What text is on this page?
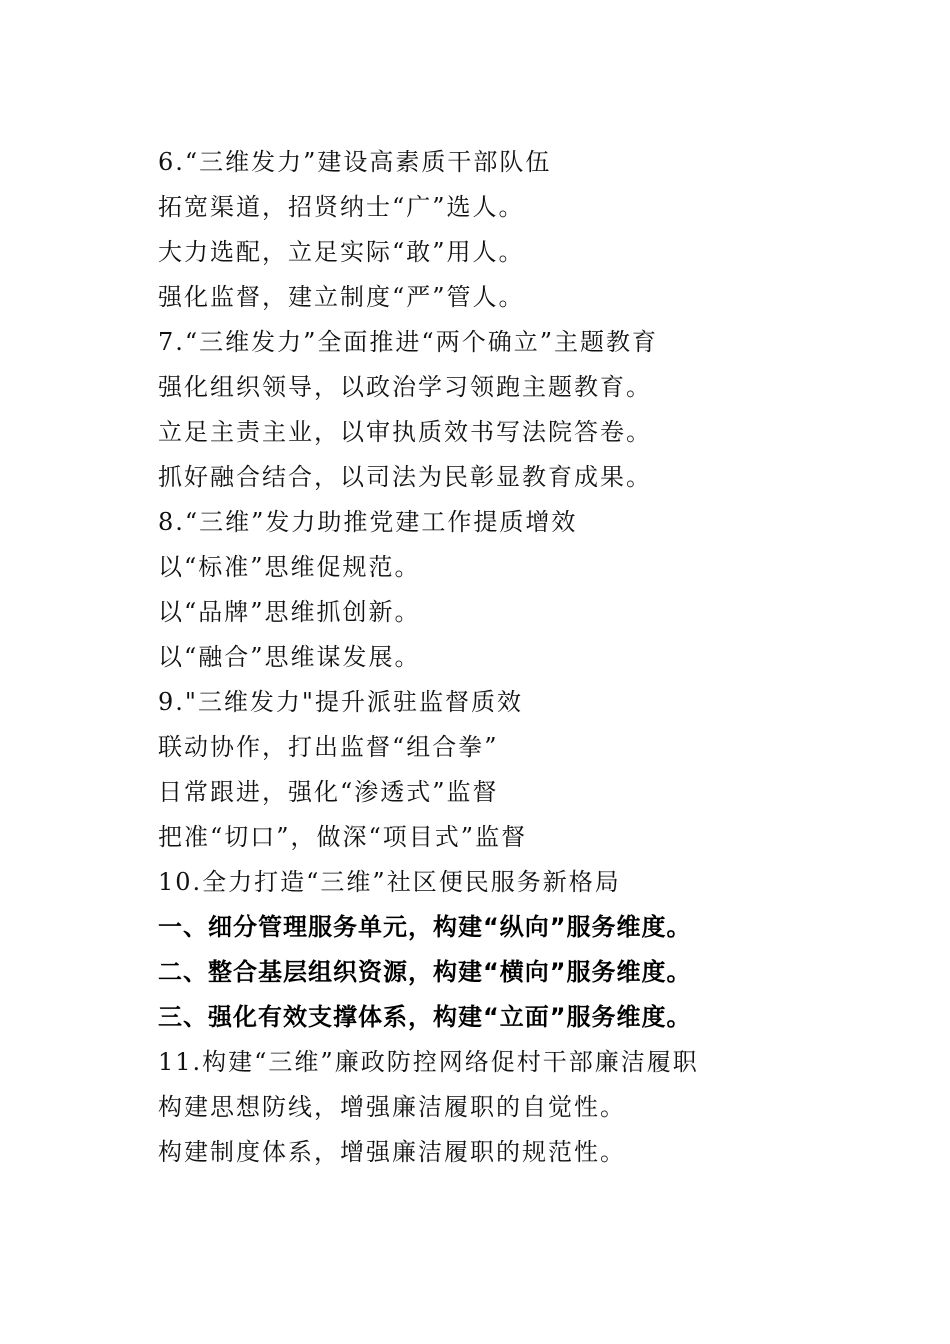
6.“三维发力”建设高素质干部队伍
拓宽渠道，招贤纳士“广”选人。
大力选配，立足实际“敢”用人。
强化监督，建立制度“严”管人。
7.“三维发力”全面推进“两个确立”主题教育
强化组织领导，以政治学习领跑主题教育。
立足主责主业，以审执质效书写法院答卷。
抓好融合结合，以司法为民彰显教育成果。
8.“三维”发力助推党建工作提质增效
以“标准”思维促规范。
以“品牌”思维抓创新。
以“融合”思维谋发展。
9."三维发力"提升派驻监督质效
联动协作，打出监督“组合拳”
日常跟进，强化“渗透式”监督
把准“切口”，做深“项目式”监督
10.全力打造“三维”社区便民服务新格局
一、细分管理服务单元，构建“纵向”服务维度。
二、整合基层组织资源，构建“横向”服务维度。
三、强化有效支撑体系，构建“立面”服务维度。
11.构建“三维”廉政防控网络促村干部廉洁履职
构建思想防线，增强廉洁履职的自觉性。
构建制度体系，增强廉洁履职的规范性。
